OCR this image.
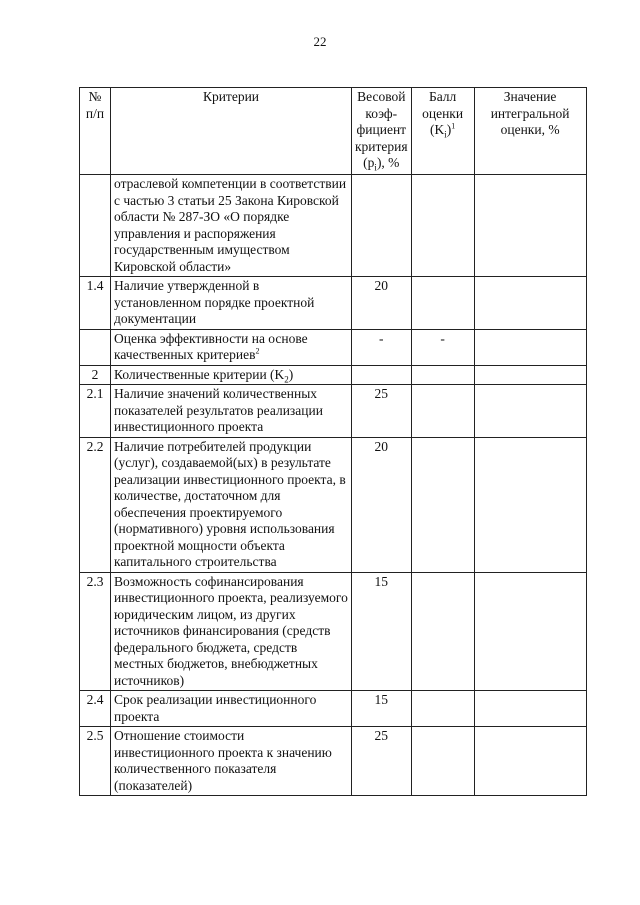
22
№ п/п	Критерии	Весовой коэф-фициент критерия $(p_i)$, %	Балл оценки $(K_i)^1$	Значение интегральной оценки, %
	отраслевой компетенции в соответствии с частью 3 статьи 25 Закона Кировской области № 287-ЗО «О порядке управления и распоряжения государственным имуществом Кировской области»			
1.4	Наличие утвержденной в установленном порядке проектной документации	20		
	Оценка эффективности на основе качественных критериев$^2$	-	-	
2	Количественные критерии $(K_2)$			
2.1	Наличие значений количественных показателей результатов реализации инвестиционного проекта	25		
2.2	Наличие потребителей продукции (услуг), создаваемой(ых) в результате реализации инвестиционного проекта, в количестве, достаточном для обеспечения проектируемого (нормативного) уровня использования проектной мощности объекта капитального строительства	20		
2.3	Возможность софинансирования инвестиционного проекта, реализуемого юридическим лицом, из других источников финансирования (средств федерального бюджета, средств местных бюджетов, внебюджетных источников)	15		
2.4	Срок реализации инвестиционного проекта	15		
2.5	Отношение стоимости инвестиционного проекта к значению количественного показателя (показателей)	25		
